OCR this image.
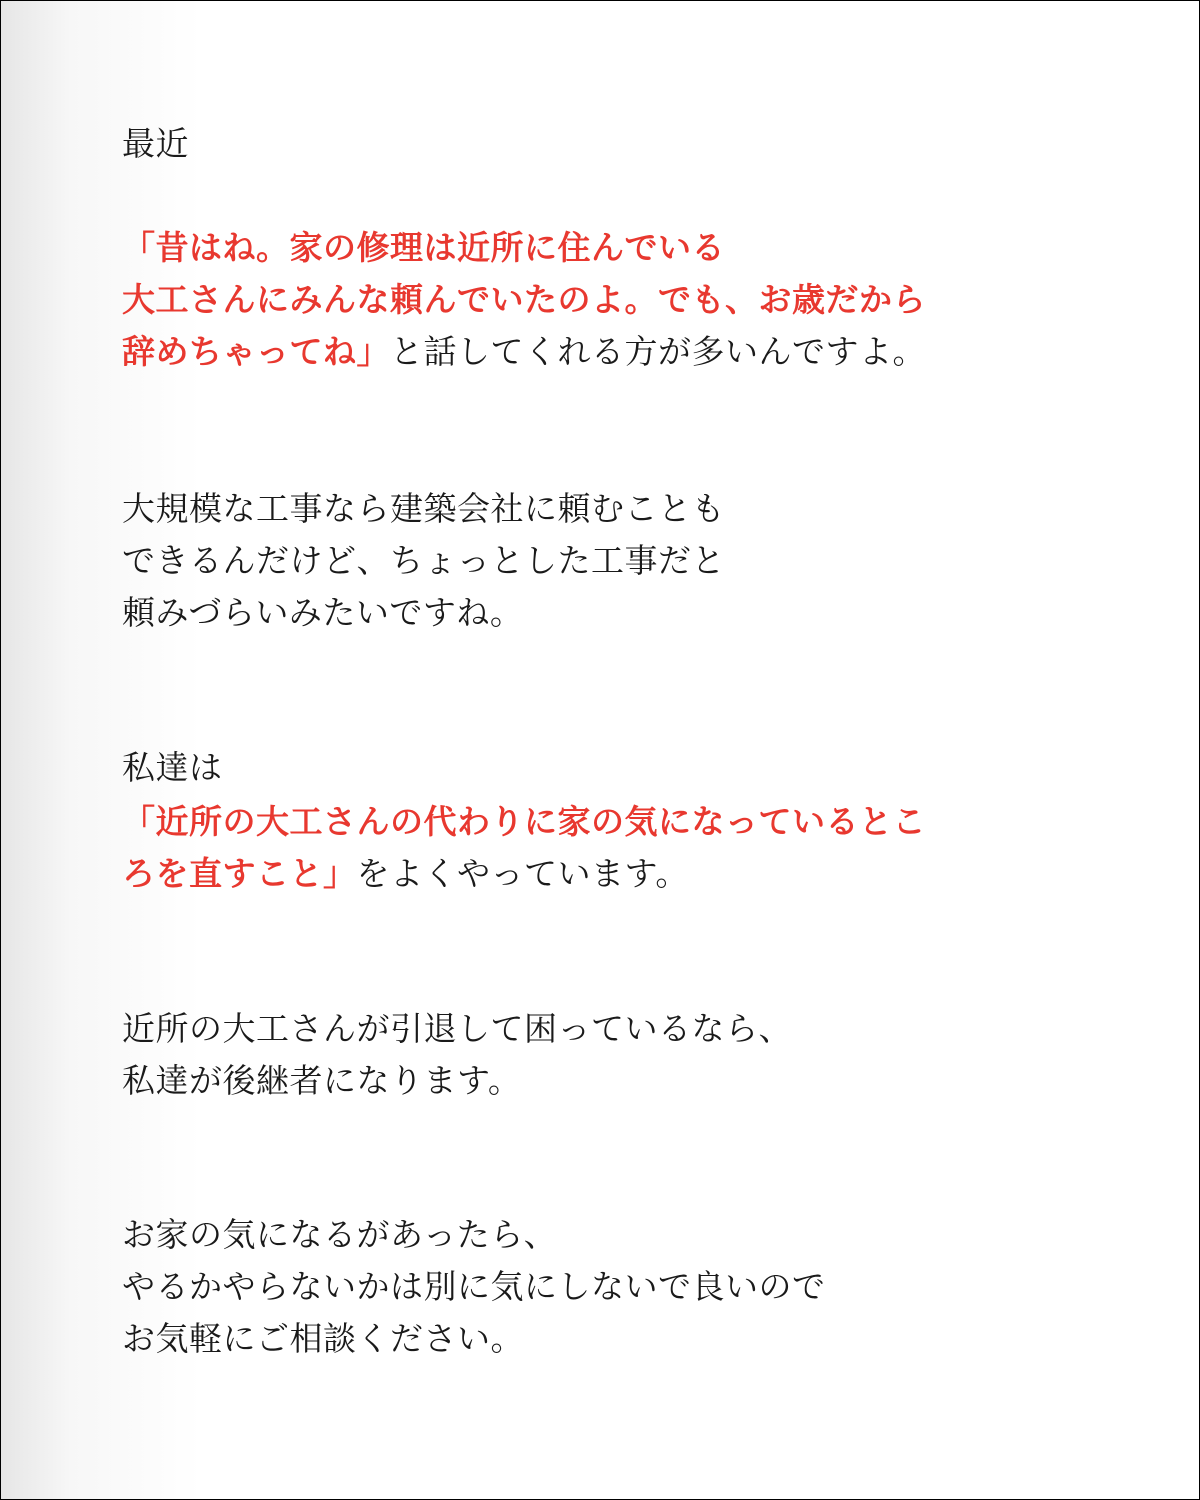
最近
「昔はね。家の修理は近所に住んでいる
大工さんにみんな頼んでいたのよ。でも、お歳だから
辞めちゃってね」と話してくれる方が多いんですよ。
大規模な工事なら建築会社に頼むことも
できるんだけど、ちょっとした工事だと
頼みづらいみたいですね。
私達は
「近所の大工さんの代わりに家の気になっているとこ
ろを直すこと」をよくやっています。
近所の大工さんが引退して困っているなら、
私達が後継者になります。
お家の気になるがあったら、
やるかやらないかは別に気にしないで良いので
お気軽にご相談ください。
